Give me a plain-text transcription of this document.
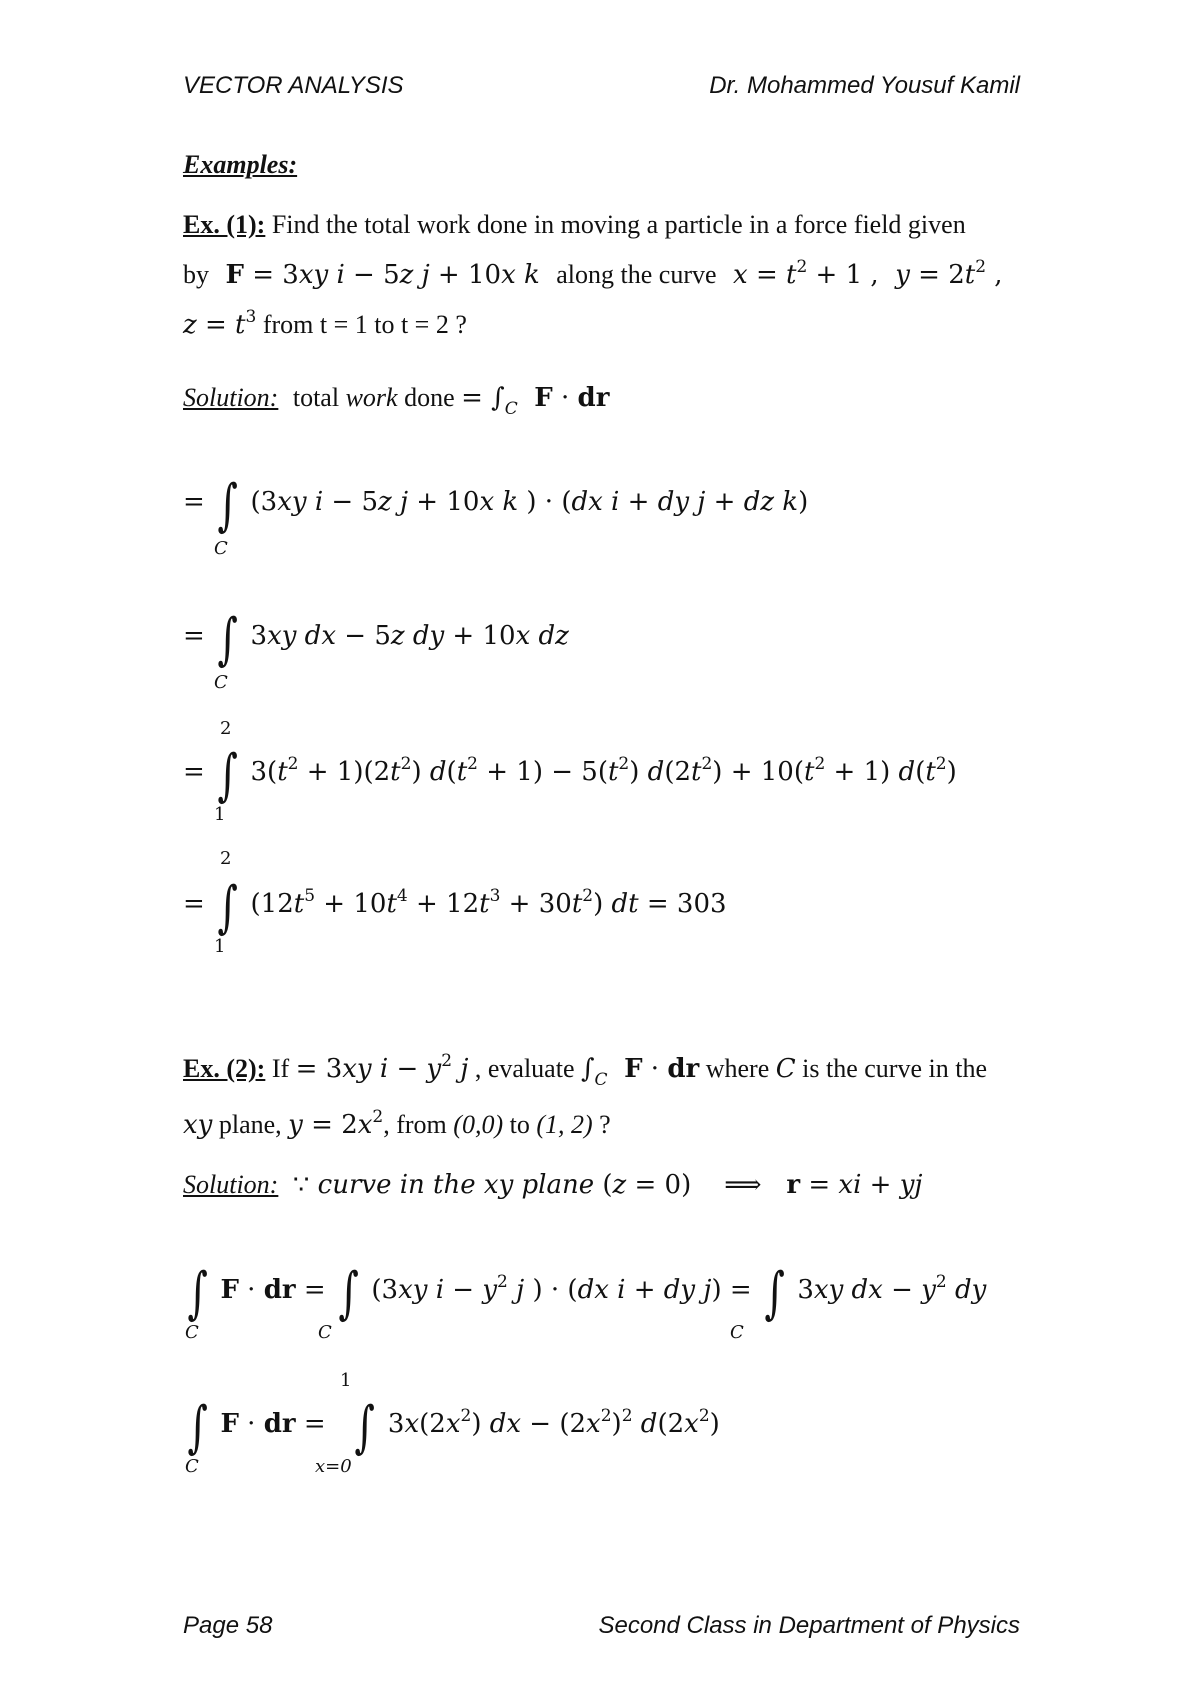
VECTOR ANALYSIS	Dr. Mohammed Yousuf Kamil
Examples:
Ex. (1): Find the total work done in moving a particle in a force field given
by F = 3xy i − 5z j + 10x k along the curve $x = t^2 + 1$ , $y = 2t^2$ ,
$z = t^3$ from t = 1 to t = 2 ?
Solution: total work done = $\int_C$ F · dr
= ∫ (3xy i − 5z j + 10x k ) · (dx i + dy j + dz k)
C
= ∫ 3xy dx − 5z dy + 10x dz
C
2
= ∫ $3(t^2 + 1)(2t^2) d(t^2 + 1) - 5(t^2) d(2t^2) + 10(t^2 + 1)$ $d(t^2)$
1
2
= ∫ $(12t^5 + 10t^4 + 12t^3 + 30t^2)$ dt = 303
1
Ex. (2): If = 3xy $i - y^2$ j , evaluate $\int_C$ F · dr where C is the curve in the
xy plane, $y = 2x^2$, from (0,0) to (1, 2) ?
Solution: ∵ curve in the xy plane (z = 0)    ⟹   r = xi + yj
∫ F · dr = ∫ (3xy $i - y^2$ j ) · (dx i + dy j) = ∫ 3xy dx − $y^2$ dy
C	C	C
1
∫ F · dr =   ∫ $3x(2x^2)$ dx − $(2x^2)^2$ $d(2x^2)$
C	x=0
Page 58	Second Class in Department of Physics
